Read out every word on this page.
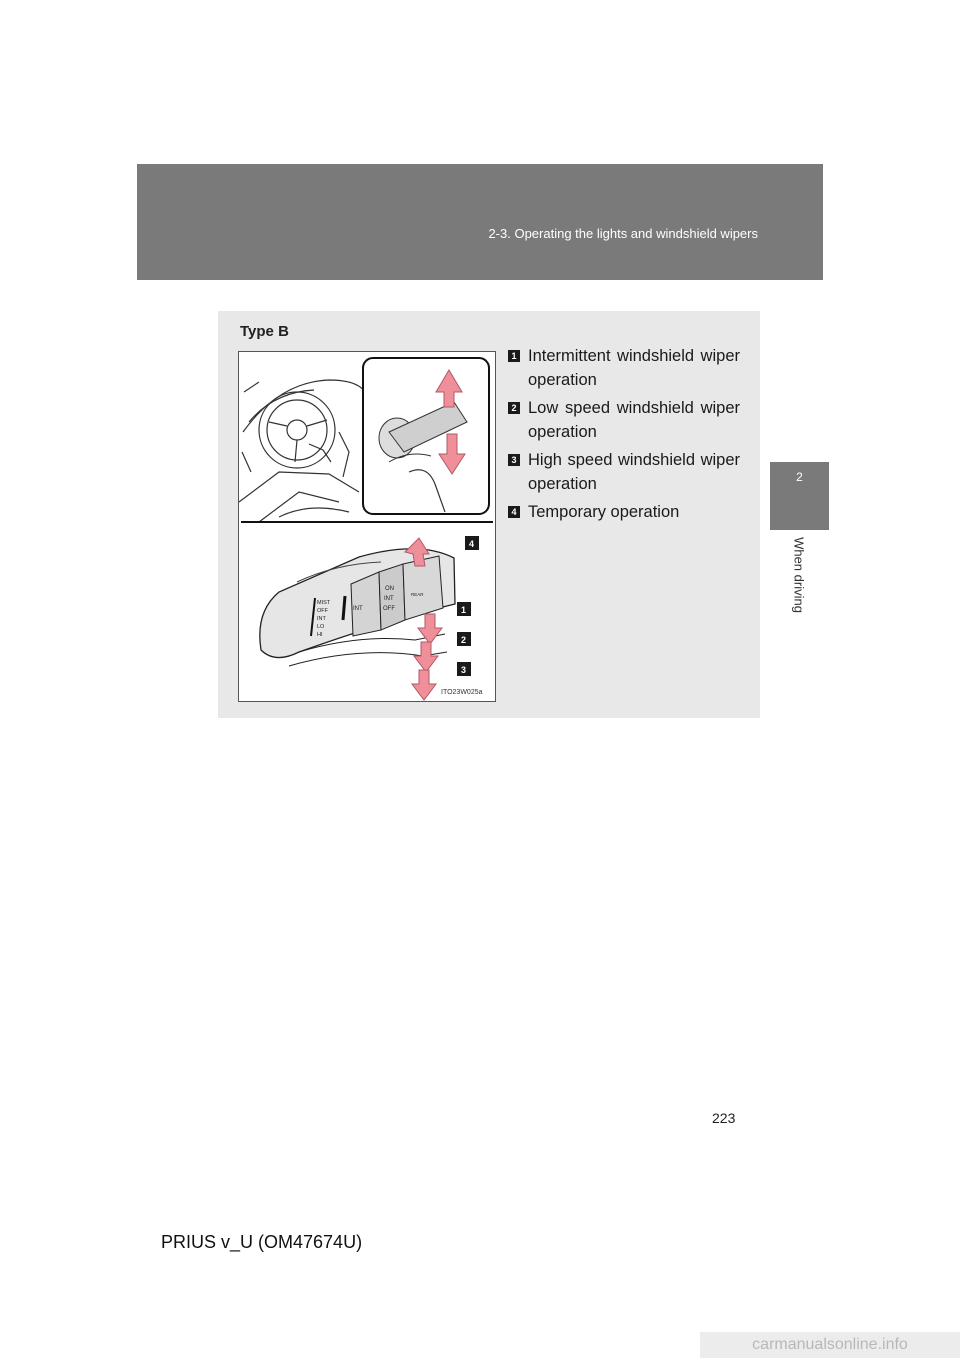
2-3. Operating the lights and windshield wipers
2
When driving
Type B
MIST
OFF
INT
LO
HI
INT
ON
INT
OFF
REAR
4
1
2
3
ITO23W025a
1 Intermittent windshield wiper operation
2 Low speed windshield wiper operation
3 High speed windshield wiper operation
4 Temporary operation
223
PRIUS v_U (OM47674U)
carmanualsonline.info
